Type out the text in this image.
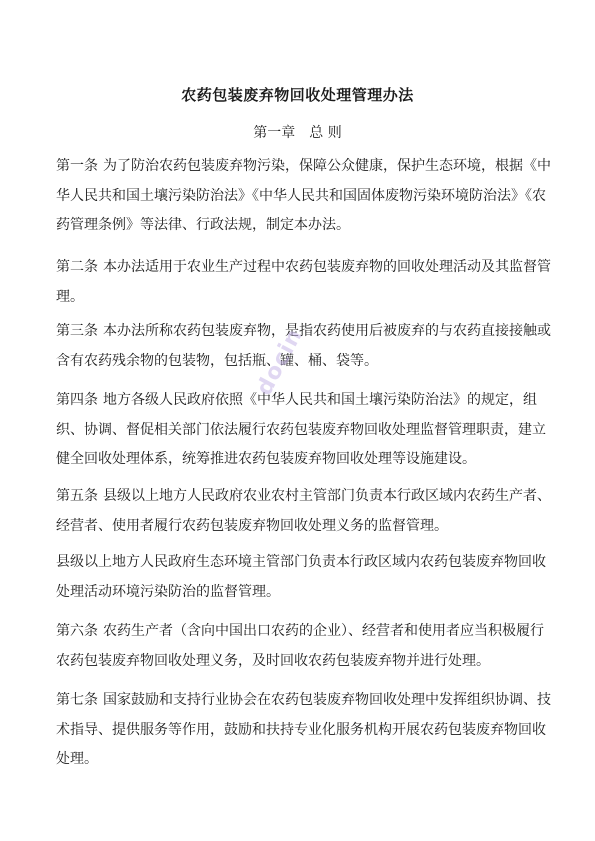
农药包装废弃物回收处理管理办法
第一章　总 则

第一条 为了防治农药包装废弃物污染，保障公众健康，保护生态环境，根据《中华人民共和国土壤污染防治法》《中华人民共和国固体废物污染环境防治法》《农药管理条例》等法律、行政法规，制定本办法。

第二条 本办法适用于农业生产过程中农药包装废弃物的回收处理活动及其监督管理。

第三条 本办法所称农药包装废弃物，是指农药使用后被废弃的与农药直接接触或含有农药残余物的包装物，包括瓶、罐、桶、袋等。

第四条 地方各级人民政府依照《中华人民共和国土壤污染防治法》的规定，组织、协调、督促相关部门依法履行农药包装废弃物回收处理监督管理职责，建立健全回收处理体系，统筹推进农药包装废弃物回收处理等设施建设。

第五条 县级以上地方人民政府农业农村主管部门负责本行政区域内农药生产者、经营者、使用者履行农药包装废弃物回收处理义务的监督管理。

县级以上地方人民政府生态环境主管部门负责本行政区域内农药包装废弃物回收处理活动环境污染防治的监督管理。

第六条 农药生产者（含向中国出口农药的企业）、经营者和使用者应当积极履行农药包装废弃物回收处理义务，及时回收农药包装废弃物并进行处理。

第七条 国家鼓励和支持行业协会在农药包装废弃物回收处理中发挥组织协调、技术指导、提供服务等作用，鼓励和扶持专业化服务机构开展农药包装废弃物回收处理。

docin
